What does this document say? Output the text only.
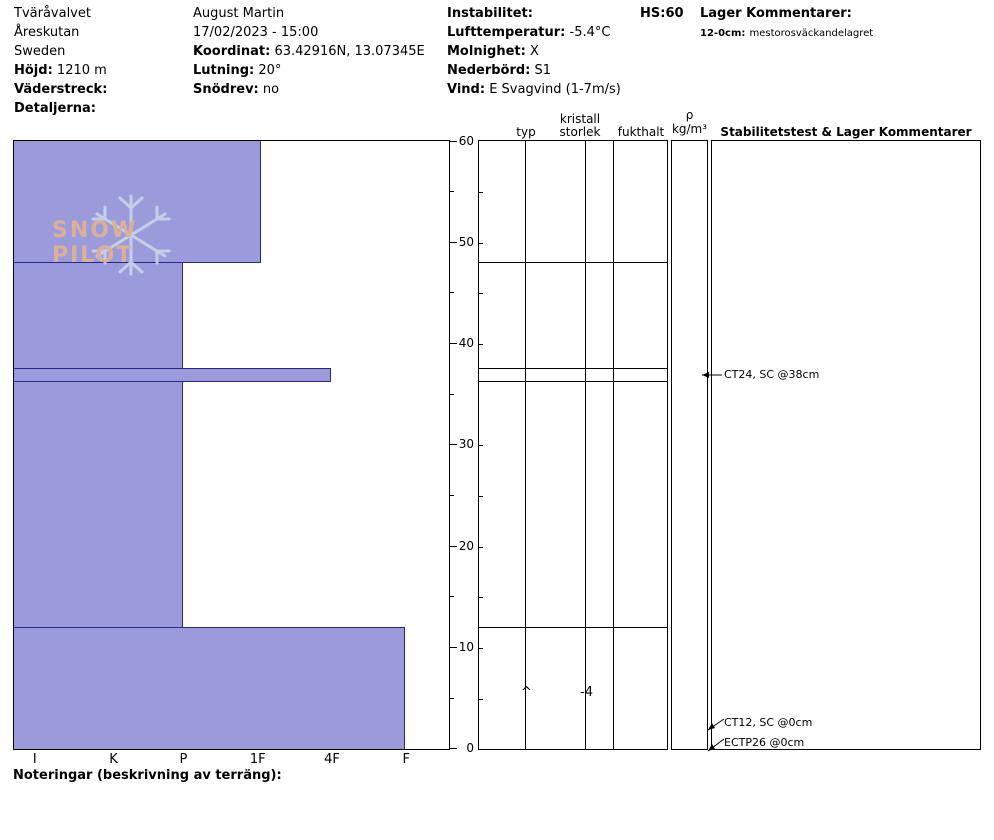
Tväråvalvet
Åreskutan
Sweden
Höjd: 1210 m
Väderstreck:
Detaljerna:
August Martin
17/02/2023 - 15:00
Koordinat: 63.42916N, 13.07345E
Lutning: 20°
Snödrev: no
Instabilitet:
Lufttemperatur: -5.4°C
Molnighet: X
Nederbörd: S1
Vind: E Svagvind (1-7m/s)
HS:60	Lager Kommentarer:
12-0cm: mestorosväckandelagret
SNOW PILOT
60
50
40
30
20
10
0
I	K	P	1F	4F	F
typ
kristall
storlek	fukthalt
ρ
kg/m³	Stabilitetstest & Lager Kommentarer
^	-4
CT24, SC @38cm
CT12, SC @0cm
ECTP26 @0cm
Noteringar (beskrivning av terräng):
